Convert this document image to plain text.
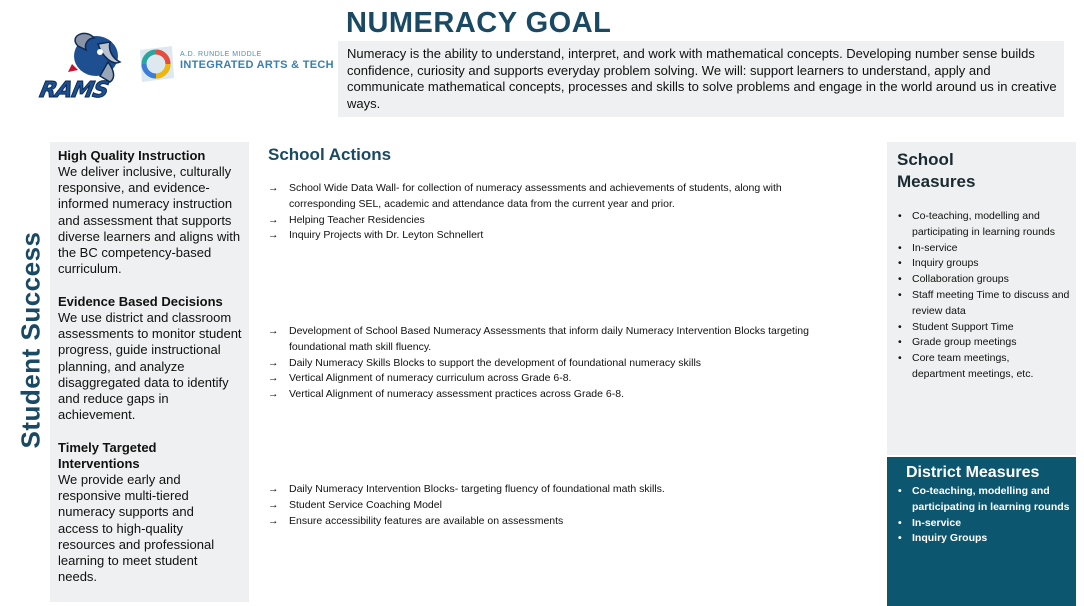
RAMS
A.D. RUNDLE MIDDLE
INTEGRATED ARTS & TECH
NUMERACY GOAL
Numeracy is the ability to understand, interpret, and work with mathematical concepts. Developing number sense builds confidence, curiosity and supports everyday problem solving. We will: support learners to understand, apply and communicate mathematical concepts, processes and skills to solve problems and engage in the world around us in creative ways.
Student Success
High Quality Instruction
We deliver inclusive, culturally responsive, and evidence-informed numeracy instruction and assessment that supports diverse learners and aligns with the BC competency-based curriculum.
Evidence Based Decisions
We use district and classroom assessments to monitor student progress, guide instructional planning, and analyze disaggregated data to identify and reduce gaps in achievement.
Timely Targeted Interventions
We provide early and responsive multi-tiered numeracy supports and access to high-quality resources and professional learning to meet student needs.
School Actions
→ School Wide Data Wall- for collection of numeracy assessments and achievements of students, along with corresponding SEL, academic and attendance data from the current year and prior.
→ Helping Teacher Residencies
→ Inquiry Projects with Dr. Leyton Schnellert
→ Development of School Based Numeracy Assessments that inform daily Numeracy Intervention Blocks targeting foundational math skill fluency.
→ Daily Numeracy Skills Blocks to support the development of foundational numeracy skills
→ Vertical Alignment of numeracy curriculum across Grade 6-8.
→ Vertical Alignment of numeracy assessment practices across Grade 6-8.
→ Daily Numeracy Intervention Blocks- targeting fluency of foundational math skills.
→ Student Service Coaching Model
→ Ensure accessibility features are available on assessments
School Measures
• Co-teaching, modelling and participating in learning rounds
• In-service
• Inquiry groups
• Collaboration groups
• Staff meeting Time to discuss and review data
• Student Support Time
• Grade group meetings
• Core team meetings, department meetings, etc.
District Measures
• Co-teaching, modelling and participating in learning rounds
• In-service
• Inquiry Groups
